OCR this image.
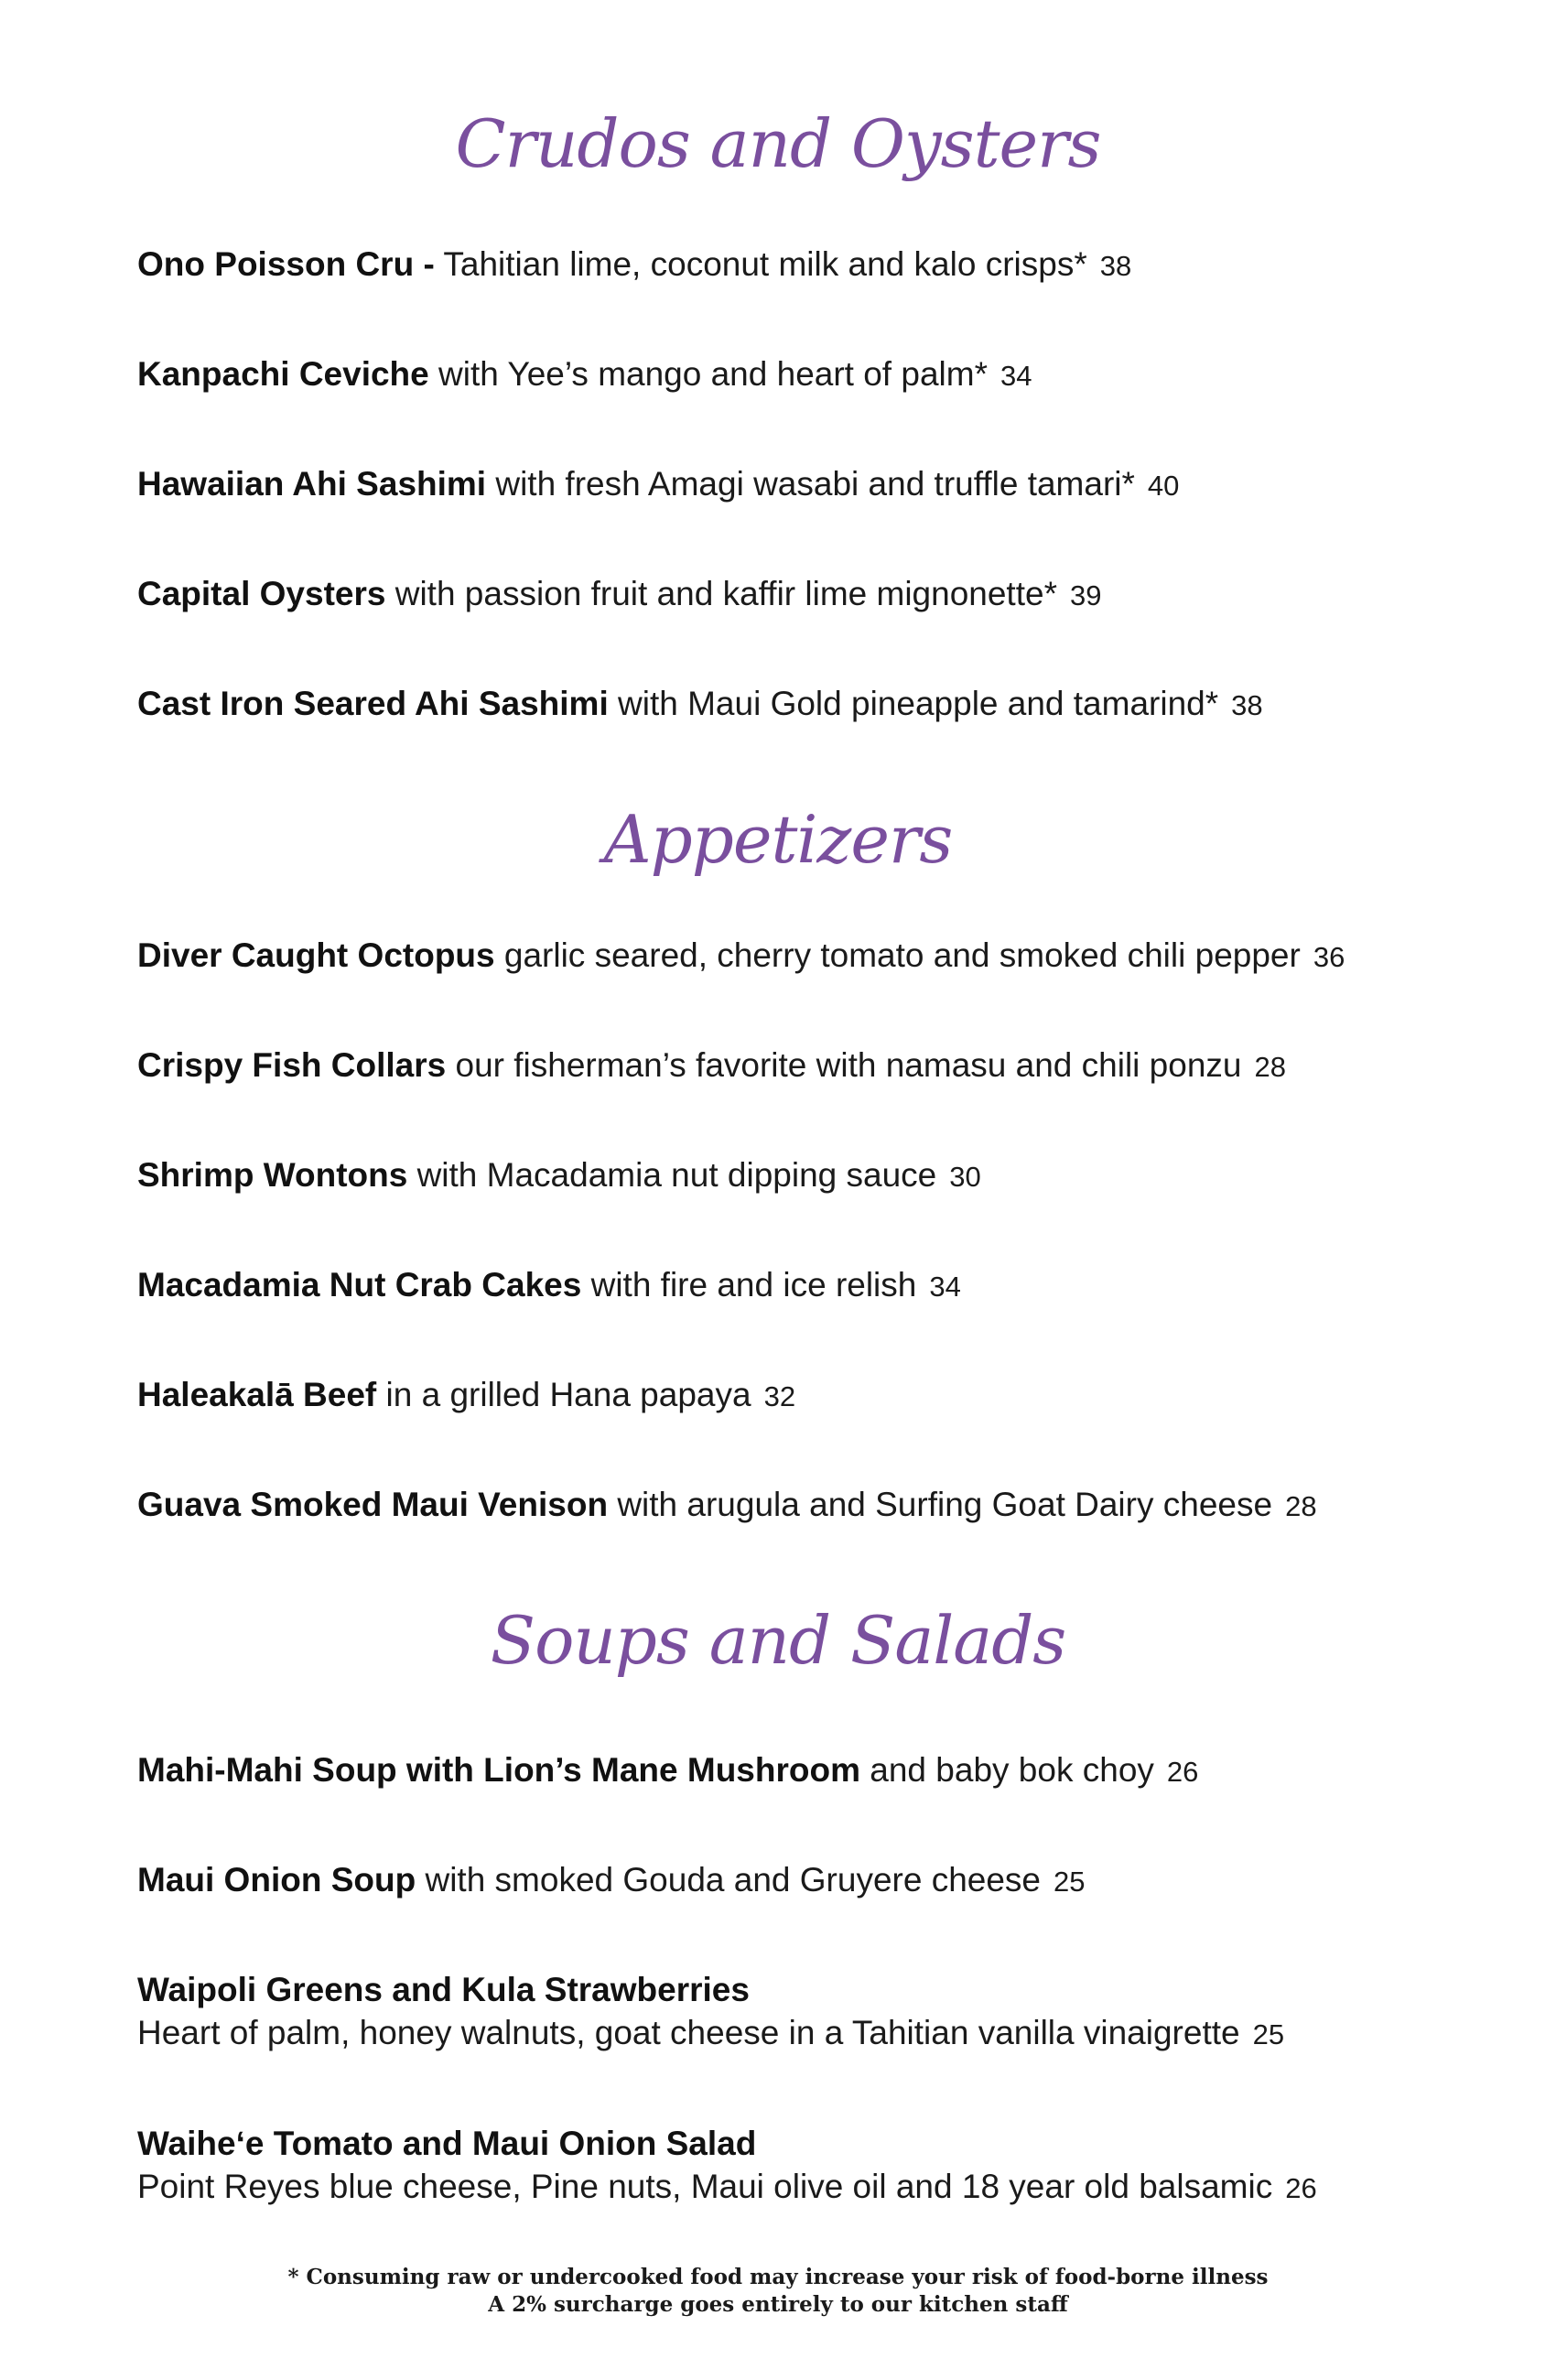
Crudos and Oysters

Ono Poisson Cru - Tahitian lime, coconut milk and kalo crisps* 38

Kanpachi Ceviche with Yee’s mango and heart of palm* 34

Hawaiian Ahi Sashimi with fresh Amagi wasabi and truffle tamari* 40

Capital Oysters with passion fruit and kaffir lime mignonette* 39

Cast Iron Seared Ahi Sashimi with Maui Gold pineapple and tamarind* 38

Appetizers

Diver Caught Octopus garlic seared, cherry tomato and smoked chili pepper 36

Crispy Fish Collars our fisherman’s favorite with namasu and chili ponzu 28

Shrimp Wontons with Macadamia nut dipping sauce 30

Macadamia Nut Crab Cakes with fire and ice relish 34

Haleakalā Beef in a grilled Hana papaya 32

Guava Smoked Maui Venison with arugula and Surfing Goat Dairy cheese 28

Soups and Salads

Mahi-Mahi Soup with Lion’s Mane Mushroom and baby bok choy 26

Maui Onion Soup with smoked Gouda and Gruyere cheese 25

Waipoli Greens and Kula Strawberries

Heart of palm, honey walnuts, goat cheese in a Tahitian vanilla vinaigrette 25

Waihe‘e Tomato and Maui Onion Salad

Point Reyes blue cheese, Pine nuts, Maui olive oil and 18 year old balsamic 26

* Consuming raw or undercooked food may increase your risk of food-borne illness
A 2% surcharge goes entirely to our kitchen staff
